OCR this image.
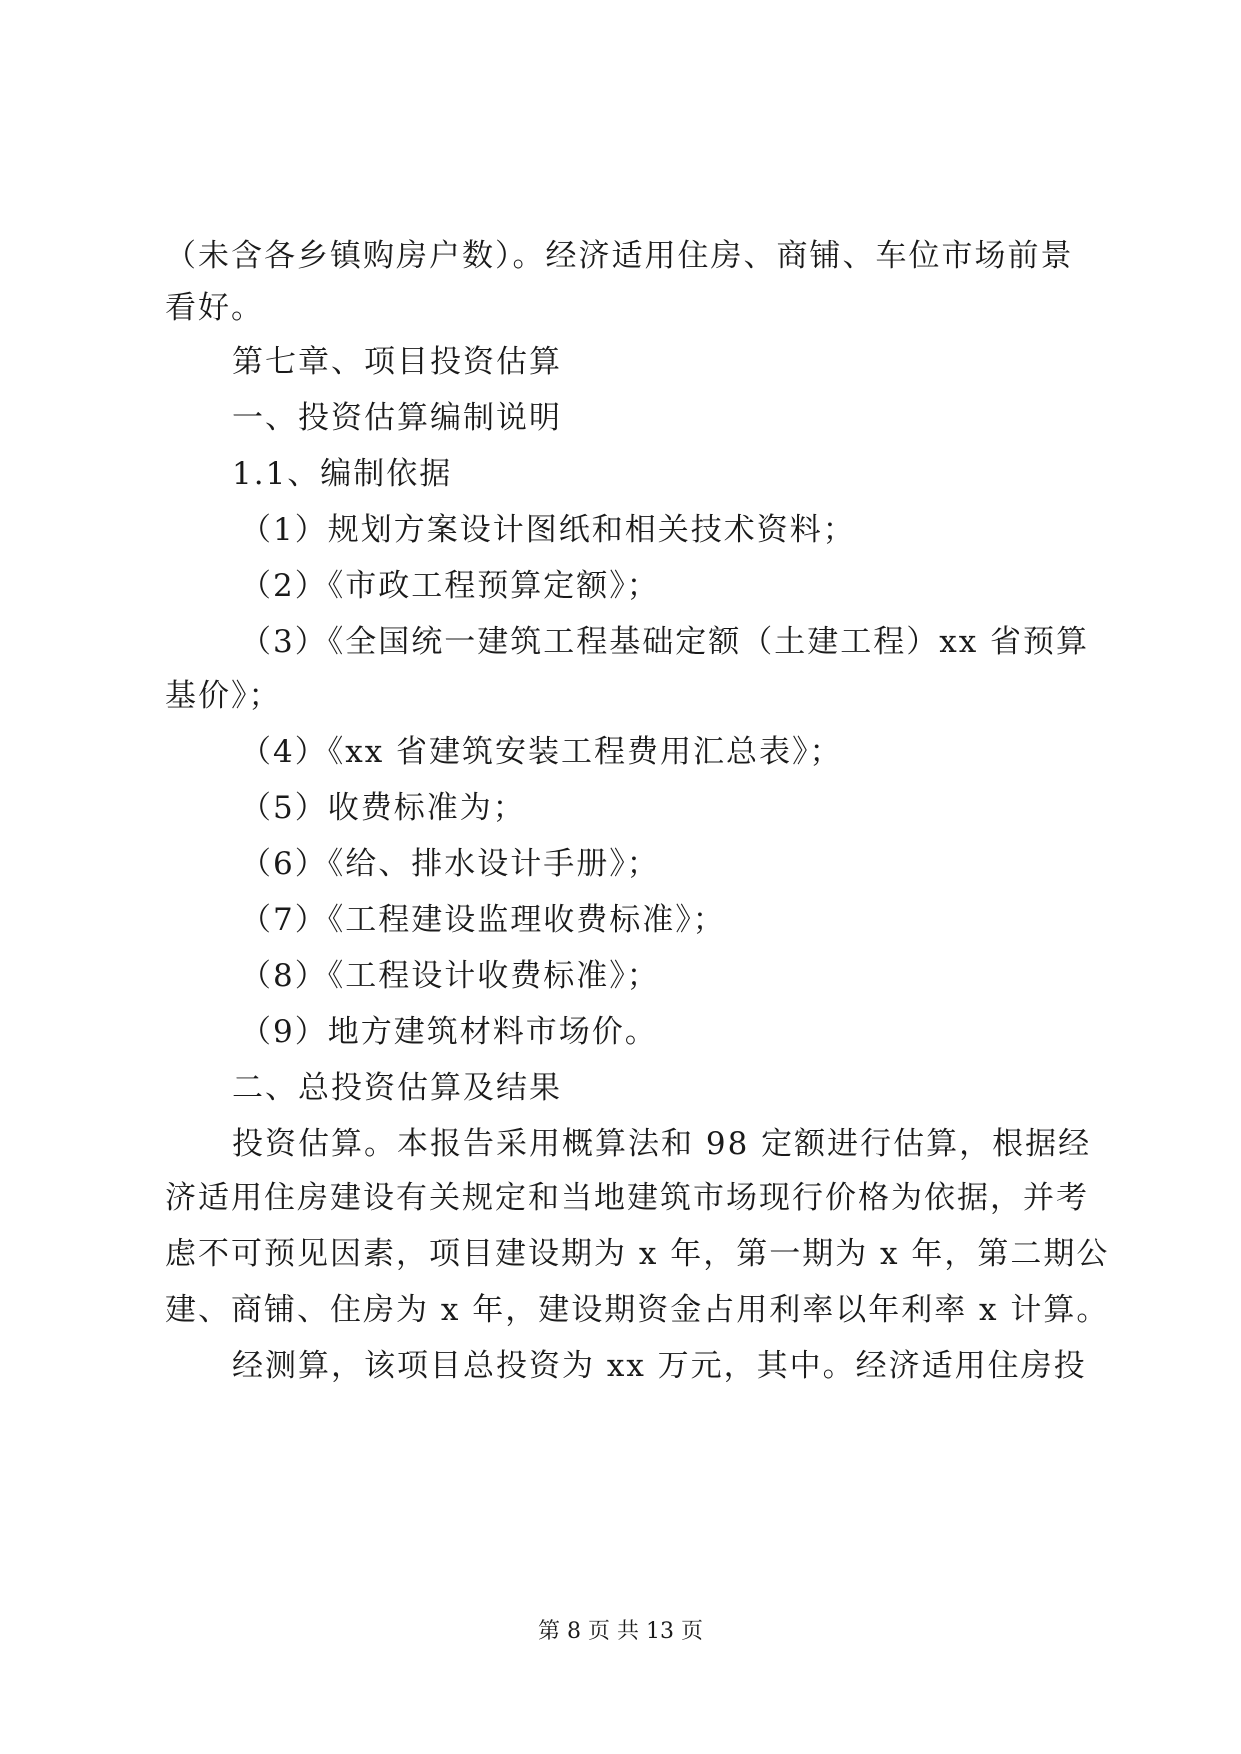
（未含各乡镇购房户数）。经济适用住房、商铺、车位市场前景
看好。
第七章、项目投资估算
一、投资估算编制说明
1.1、编制依据
（1）规划方案设计图纸和相关技术资料；
（2）《市政工程预算定额》；
（3）《全国统一建筑工程基础定额（土建工程）xx 省预算
基价》；
（4）《xx 省建筑安装工程费用汇总表》；
（5）收费标准为；
（6）《给、排水设计手册》；
（7）《工程建设监理收费标准》；
（8）《工程设计收费标准》；
（9）地方建筑材料市场价。
二、总投资估算及结果
投资估算。本报告采用概算法和 98 定额进行估算，根据经
济适用住房建设有关规定和当地建筑市场现行价格为依据，并考
虑不可预见因素，项目建设期为 x 年，第一期为 x 年，第二期公
建、商铺、住房为 x 年，建设期资金占用利率以年利率 x 计算。
经测算，该项目总投资为 xx 万元，其中。经济适用住房投
第 8 页 共 13 页
